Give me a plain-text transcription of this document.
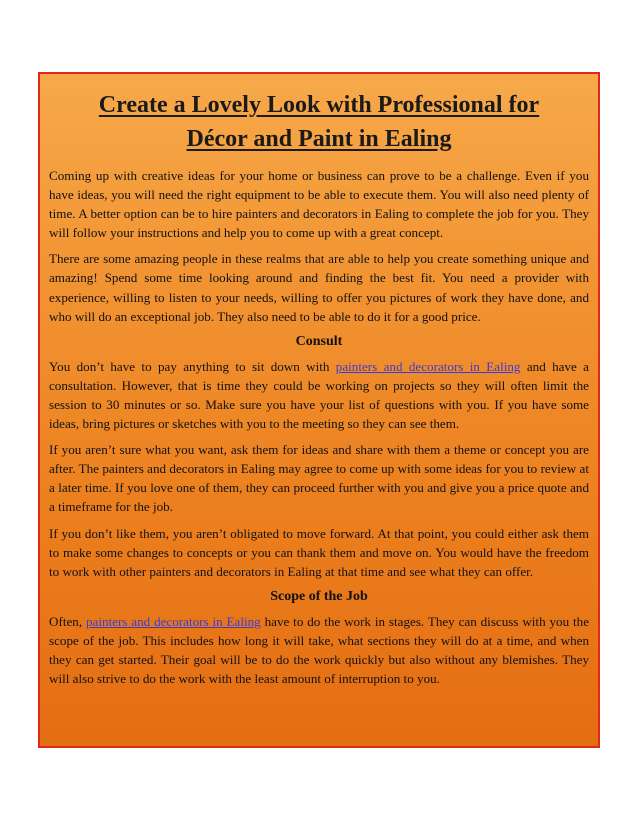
Create a Lovely Look with Professional for
Décor and Paint in Ealing

Coming up with creative ideas for your home or business can prove to be a challenge. Even if you have ideas, you will need the right equipment to be able to execute them. You will also need plenty of time. A better option can be to hire painters and decorators in Ealing to complete the job for you. They will follow your instructions and help you to come up with a great concept.

There are some amazing people in these realms that are able to help you create something unique and amazing! Spend some time looking around and finding the best fit. You need a provider with experience, willing to listen to your needs, willing to offer you pictures of work they have done, and who will do an exceptional job. They also need to be able to do it for a good price.

Consult

You don’t have to pay anything to sit down with painters and decorators in Ealing and have a consultation. However, that is time they could be working on projects so they will often limit the session to 30 minutes or so. Make sure you have your list of questions with you. If you have some ideas, bring pictures or sketches with you to the meeting so they can see them.

If you aren’t sure what you want, ask them for ideas and share with them a theme or concept you are after. The painters and decorators in Ealing may agree to come up with some ideas for you to review at a later time. If you love one of them, they can proceed further with you and give you a price quote and a timeframe for the job.

If you don’t like them, you aren’t obligated to move forward. At that point, you could either ask them to make some changes to concepts or you can thank them and move on. You would have the freedom to work with other painters and decorators in Ealing at that time and see what they can offer.

Scope of the Job

Often, painters and decorators in Ealing have to do the work in stages. They can discuss with you the scope of the job. This includes how long it will take, what sections they will do at a time, and when they can get started. Their goal will be to do the work quickly but also without any blemishes. They will also strive to do the work with the least amount of interruption to you.
